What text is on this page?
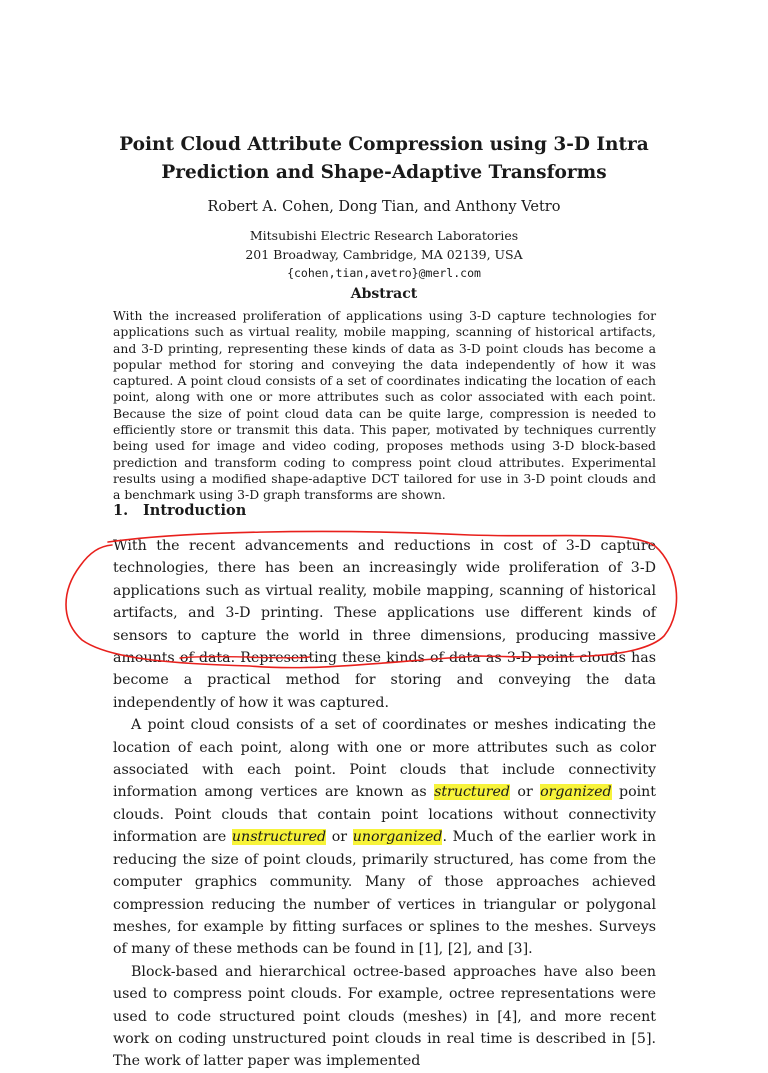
Point Cloud Attribute Compression using 3-D Intra Prediction and Shape-Adaptive Transforms
Robert A. Cohen, Dong Tian, and Anthony Vetro
Mitsubishi Electric Research Laboratories
201 Broadway, Cambridge, MA 02139, USA
{cohen,tian,avetro}@merl.com
Abstract
With the increased proliferation of applications using 3-D capture technologies for applications such as virtual reality, mobile mapping, scanning of historical artifacts, and 3-D printing, representing these kinds of data as 3-D point clouds has become a popular method for storing and conveying the data independently of how it was captured. A point cloud consists of a set of coordinates indicating the location of each point, along with one or more attributes such as color associated with each point. Because the size of point cloud data can be quite large, compression is needed to efficiently store or transmit this data. This paper, motivated by techniques currently being used for image and video coding, proposes methods using 3-D block-based prediction and transform coding to compress point cloud attributes. Experimental results using a modified shape-adaptive DCT tailored for use in 3-D point clouds and a benchmark using 3-D graph transforms are shown.
1. Introduction

With the recent advancements and reductions in cost of 3-D capture technologies, there has been an increasingly wide proliferation of 3-D applications such as virtual reality, mobile mapping, scanning of historical artifacts, and 3-D printing. These applications use different kinds of sensors to capture the world in three dimensions, producing massive amounts of data. Representing these kinds of data as 3-D point clouds has become a practical method for storing and conveying the data independently of how it was captured.

A point cloud consists of a set of coordinates or meshes indicating the location of each point, along with one or more attributes such as color associated with each point. Point clouds that include connectivity information among vertices are known as structured or organized point clouds. Point clouds that contain point locations without connectivity information are unstructured or unorganized. Much of the earlier work in reducing the size of point clouds, primarily structured, has come from the computer graphics community. Many of those approaches achieved compression reducing the number of vertices in triangular or polygonal meshes, for example by fitting surfaces or splines to the meshes. Surveys of many of these methods can be found in [1], [2], and [3].

Block-based and hierarchical octree-based approaches have also been used to compress point clouds. For example, octree representations were used to code structured point clouds (meshes) in [4], and more recent work on coding unstructured point clouds in real time is described in [5]. The work of latter paper was implemented
